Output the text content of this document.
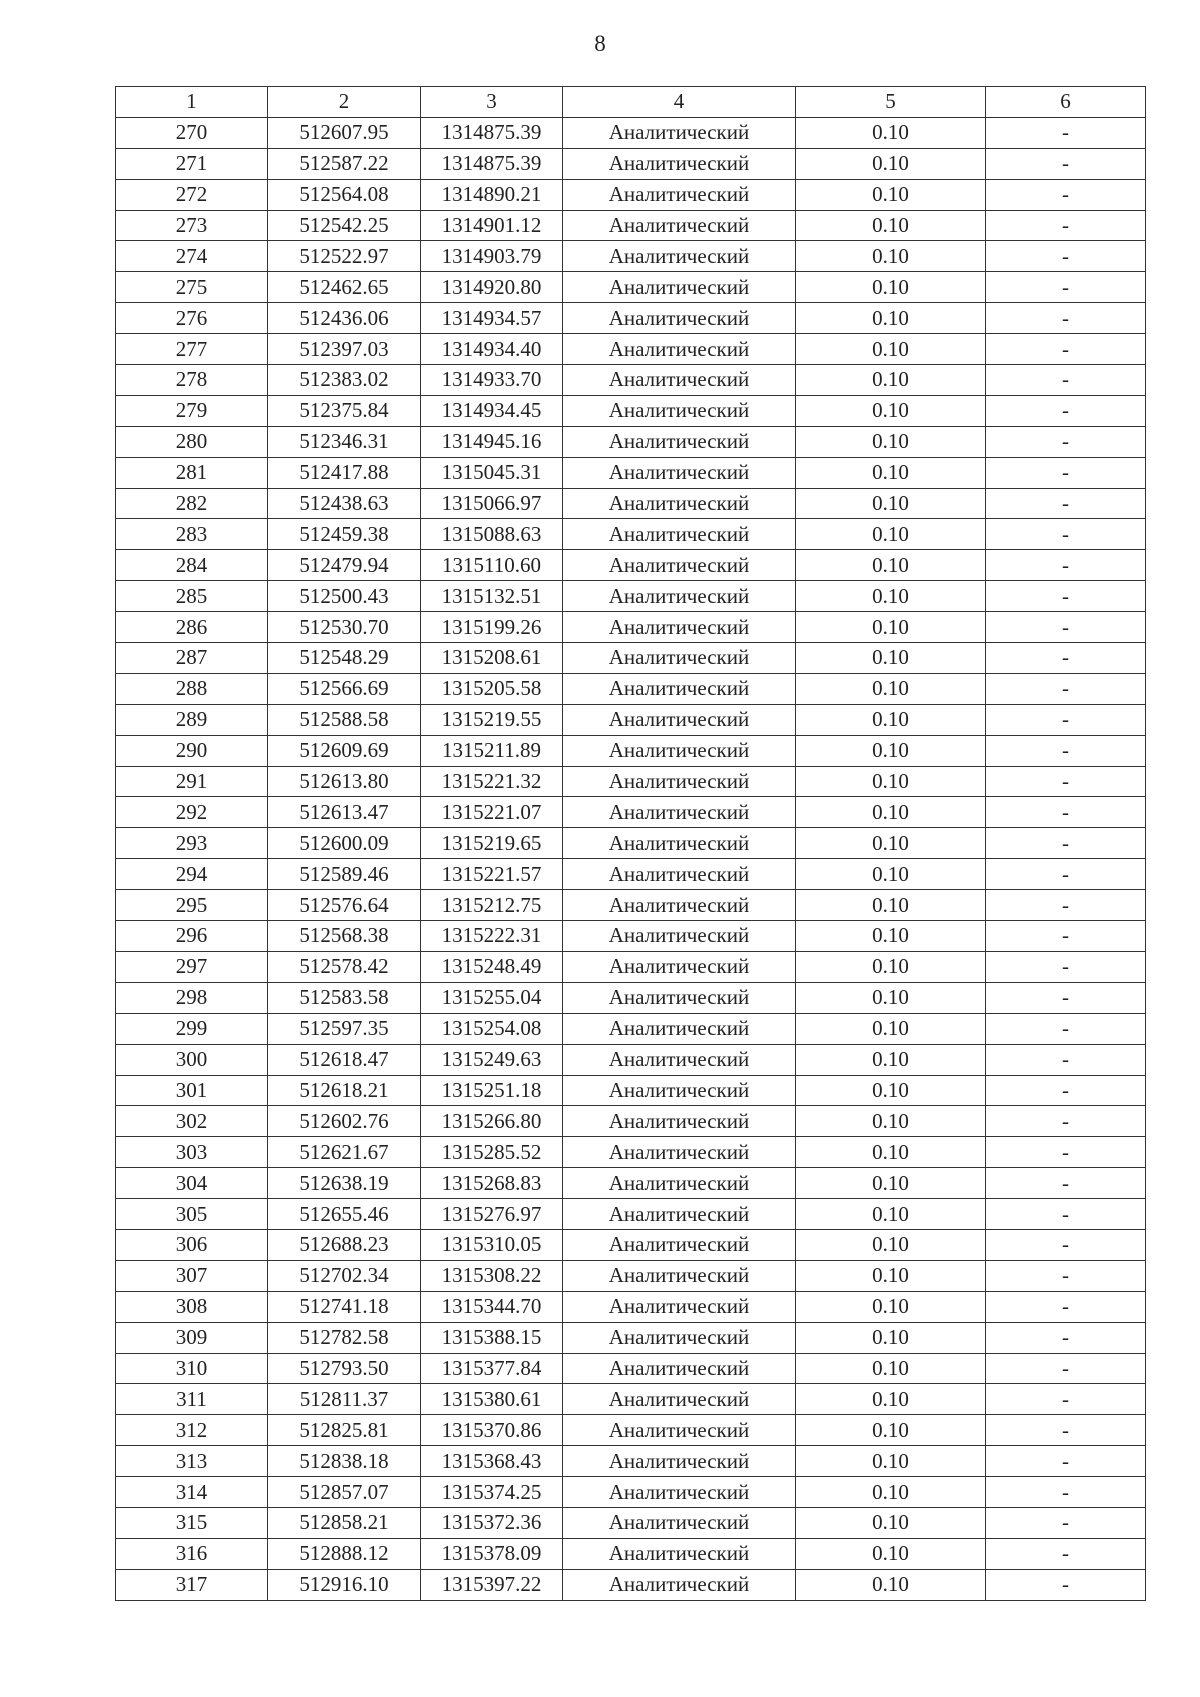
8
1	2	3	4	5	6
270	512607.95	1314875.39	Аналитический	0.10	-
271	512587.22	1314875.39	Аналитический	0.10	-
272	512564.08	1314890.21	Аналитический	0.10	-
273	512542.25	1314901.12	Аналитический	0.10	-
274	512522.97	1314903.79	Аналитический	0.10	-
275	512462.65	1314920.80	Аналитический	0.10	-
276	512436.06	1314934.57	Аналитический	0.10	-
277	512397.03	1314934.40	Аналитический	0.10	-
278	512383.02	1314933.70	Аналитический	0.10	-
279	512375.84	1314934.45	Аналитический	0.10	-
280	512346.31	1314945.16	Аналитический	0.10	-
281	512417.88	1315045.31	Аналитический	0.10	-
282	512438.63	1315066.97	Аналитический	0.10	-
283	512459.38	1315088.63	Аналитический	0.10	-
284	512479.94	1315110.60	Аналитический	0.10	-
285	512500.43	1315132.51	Аналитический	0.10	-
286	512530.70	1315199.26	Аналитический	0.10	-
287	512548.29	1315208.61	Аналитический	0.10	-
288	512566.69	1315205.58	Аналитический	0.10	-
289	512588.58	1315219.55	Аналитический	0.10	-
290	512609.69	1315211.89	Аналитический	0.10	-
291	512613.80	1315221.32	Аналитический	0.10	-
292	512613.47	1315221.07	Аналитический	0.10	-
293	512600.09	1315219.65	Аналитический	0.10	-
294	512589.46	1315221.57	Аналитический	0.10	-
295	512576.64	1315212.75	Аналитический	0.10	-
296	512568.38	1315222.31	Аналитический	0.10	-
297	512578.42	1315248.49	Аналитический	0.10	-
298	512583.58	1315255.04	Аналитический	0.10	-
299	512597.35	1315254.08	Аналитический	0.10	-
300	512618.47	1315249.63	Аналитический	0.10	-
301	512618.21	1315251.18	Аналитический	0.10	-
302	512602.76	1315266.80	Аналитический	0.10	-
303	512621.67	1315285.52	Аналитический	0.10	-
304	512638.19	1315268.83	Аналитический	0.10	-
305	512655.46	1315276.97	Аналитический	0.10	-
306	512688.23	1315310.05	Аналитический	0.10	-
307	512702.34	1315308.22	Аналитический	0.10	-
308	512741.18	1315344.70	Аналитический	0.10	-
309	512782.58	1315388.15	Аналитический	0.10	-
310	512793.50	1315377.84	Аналитический	0.10	-
311	512811.37	1315380.61	Аналитический	0.10	-
312	512825.81	1315370.86	Аналитический	0.10	-
313	512838.18	1315368.43	Аналитический	0.10	-
314	512857.07	1315374.25	Аналитический	0.10	-
315	512858.21	1315372.36	Аналитический	0.10	-
316	512888.12	1315378.09	Аналитический	0.10	-
317	512916.10	1315397.22	Аналитический	0.10	-
